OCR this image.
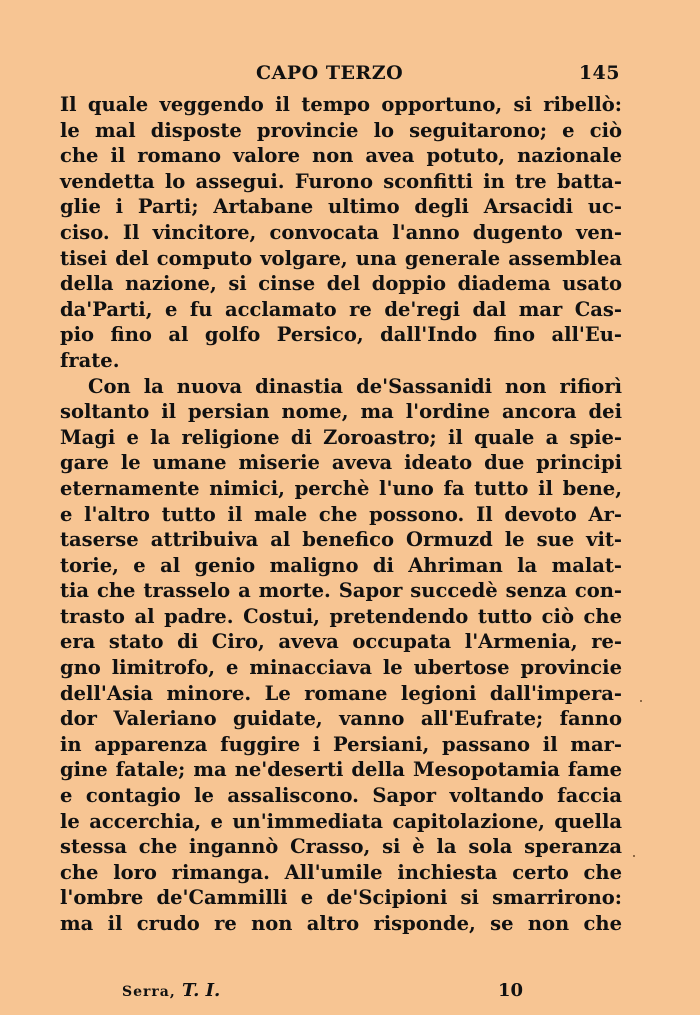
CAPO TERZO	145
Il quale veggendo il tempo opportuno, si ribellò:
le mal disposte provincie lo seguitarono; e ciò
che il romano valore non avea potuto, nazionale
vendetta lo assegui. Furono sconfitti in tre batta-
glie i Parti; Artabane ultimo degli Arsacidi uc-
ciso. Il vincitore, convocata l'anno dugento ven-
tisei del computo volgare, una generale assemblea
della nazione, si cinse del doppio diadema usato
da'Parti, e fu acclamato re de'regi dal mar Cas-
pio fino al golfo Persico, dall'Indo fino all'Eu-
frate.
Con la nuova dinastia de'Sassanidi non rifiorì
soltanto il persian nome, ma l'ordine ancora dei
Magi e la religione di Zoroastro; il quale a spie-
gare le umane miserie aveva ideato due principi
eternamente nimici, perchè l'uno fa tutto il bene,
e l'altro tutto il male che possono. Il devoto Ar-
taserse attribuiva al benefico Ormuzd le sue vit-
torie, e al genio maligno di Ahriman la malat-
tia che trasselo a morte. Sapor succedè senza con-
trasto al padre. Costui, pretendendo tutto ciò che
era stato di Ciro, aveva occupata l'Armenia, re-
gno limitrofo, e minacciava le ubertose provincie
dell'Asia minore. Le romane legioni dall'impera-
dor Valeriano guidate, vanno all'Eufrate; fanno
in apparenza fuggire i Persiani, passano il mar-
gine fatale; ma ne'deserti della Mesopotamia fame
e contagio le assaliscono. Sapor voltando faccia
le accerchia, e un'immediata capitolazione, quella
stessa che ingannò Crasso, si è la sola speranza
che loro rimanga. All'umile inchiesta certo che
l'ombre de'Cammilli e de'Scipioni si smarrirono:
ma il crudo re non altro risponde, se non che
Serra, T. I.	10
